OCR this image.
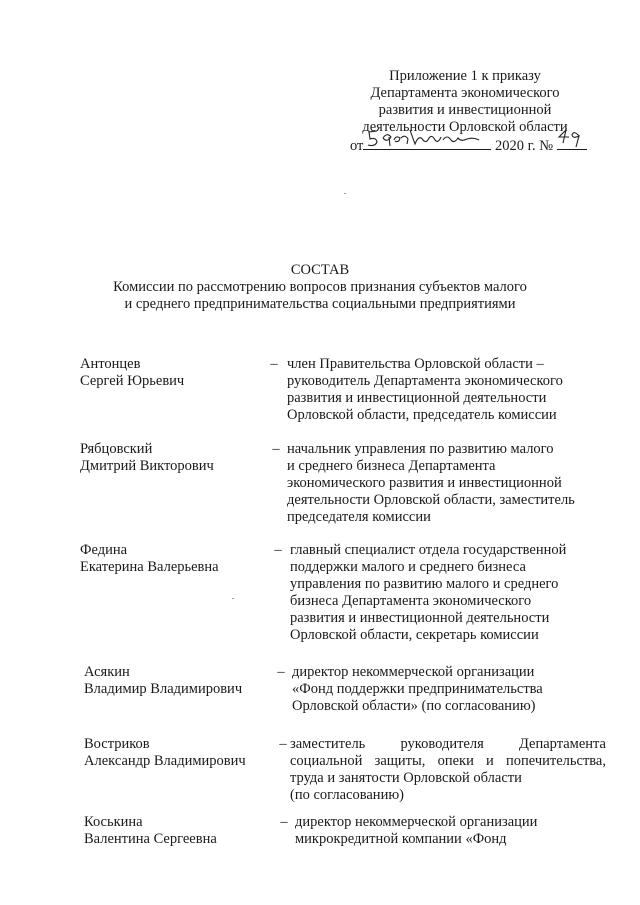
Приложение 1 к приказу
Департамента экономического
развития и инвестиционной
деятельности Орловской области
от	2020 г. №
СОСТАВ
Комиссии по рассмотрению вопросов признания субъектов малого
и среднего предпринимательства социальными предприятиями
Антонцев
Сергей Юрьевич
– член Правительства Орловской области –
руководитель Департамента экономического
развития и инвестиционной деятельности
Орловской области, председатель комиссии
Рябцовский
Дмитрий Викторович
– начальник управления по развитию малого
и среднего бизнеса Департамента
экономического развития и инвестиционной
деятельности Орловской области, заместитель
председателя комиссии
Федина
Екатерина Валерьевна
– главный специалист отдела государственной
поддержки малого и среднего бизнеса
управления по развитию малого и среднего
бизнеса Департамента экономического
развития и инвестиционной деятельности
Орловской области, секретарь комиссии
Асякин
Владимир Владимирович
– директор некоммерческой организации
«Фонд поддержки предпринимательства
Орловской области» (по согласованию)
Востриков
Александр Владимирович
– заместитель руководителя Департамента
социальной защиты, опеки и попечительства,
труда и занятости Орловской области
(по согласованию)
Коськина
Валентина Сергеевна
– директор некоммерческой организации
микрокредитной компании «Фонд
